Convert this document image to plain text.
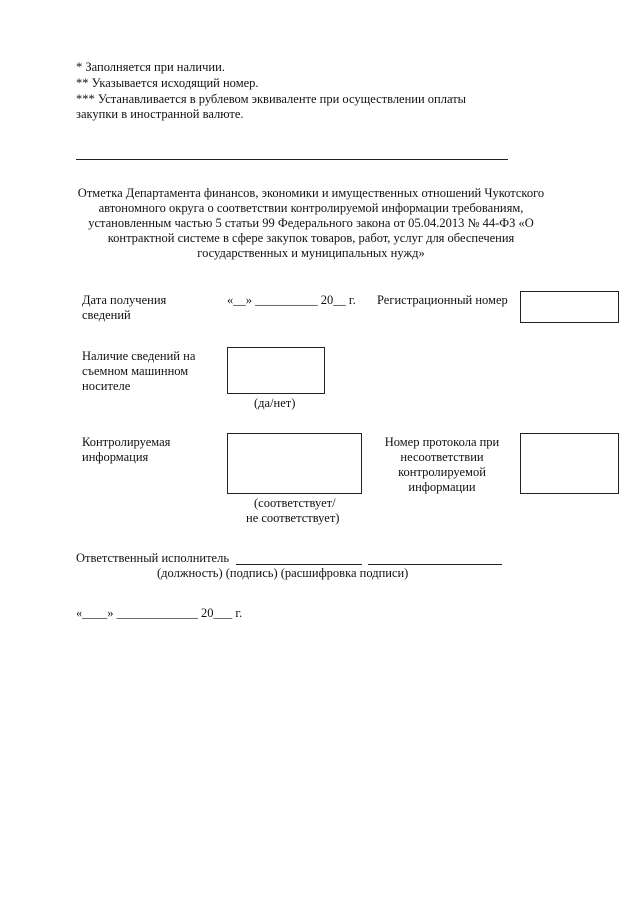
* Заполняется при наличии.
** Указывается исходящий номер.
*** Устанавливается в рублевом эквиваленте при осуществлении оплаты
закупки в иностранной валюте.
Отметка Департамента финансов, экономики и имущественных отношений Чукотского
автономного округа о соответствии контролируемой информации требованиям,
установленным частью 5 статьи 99 Федерального закона от 05.04.2013 № 44-ФЗ «О
контрактной системе в сфере закупок товаров, работ, услуг для обеспечения
государственных и муниципальных нужд»
Дата получения
сведений
«__» __________ 20__ г. Регистрационный номер
Наличие сведений на
съемном машинном
носителе
(да/нет)
Контролируемая
информация
(соответствует/
не соответствует)
Номер протокола при
несоответствии
контролируемой
информации
Ответственный исполнитель
(должность) (подпись) (расшифровка подписи)
«____» _____________ 20___ г.
